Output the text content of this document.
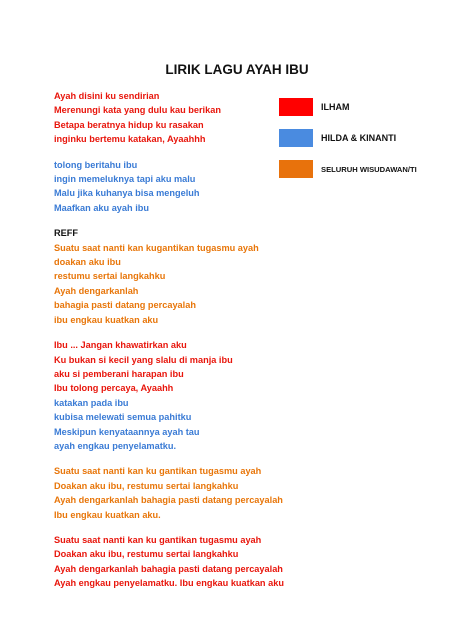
LIRIK LAGU AYAH IBU
Ayah disini ku sendirian
Merenungi kata yang dulu kau berikan
Betapa beratnya hidup ku rasakan
inginku bertemu katakan, Ayaahhh
tolong beritahu ibu
ingin memeluknya tapi aku malu
Malu jika kuhanya bisa mengeluh
Maafkan aku ayah ibu
REFF
Suatu saat nanti kan kugantikan tugasmu ayah
doakan aku ibu
restumu sertai langkahku
Ayah dengarkanlah
bahagia pasti datang percayalah
ibu engkau kuatkan aku
Ibu ... Jangan khawatirkan aku
Ku bukan si kecil yang slalu di manja ibu
aku si pemberani harapan ibu
Ibu tolong percaya, Ayaahh
katakan pada ibu
kubisa melewati semua pahitku
Meskipun kenyataannya ayah tau
ayah engkau penyelamatku.
Suatu saat nanti kan ku gantikan tugasmu ayah
Doakan aku ibu, restumu sertai langkahku
Ayah dengarkanlah bahagia pasti datang percayalah
Ibu engkau kuatkan aku.
Suatu saat nanti kan ku gantikan tugasmu ayah
Doakan aku ibu, restumu sertai langkahku
Ayah dengarkanlah bahagia pasti datang percayalah
Ayah engkau penyelamatku. Ibu engkau kuatkan aku
ILHAM
HILDA & KINANTI
SELURUH WISUDAWAN/TI
